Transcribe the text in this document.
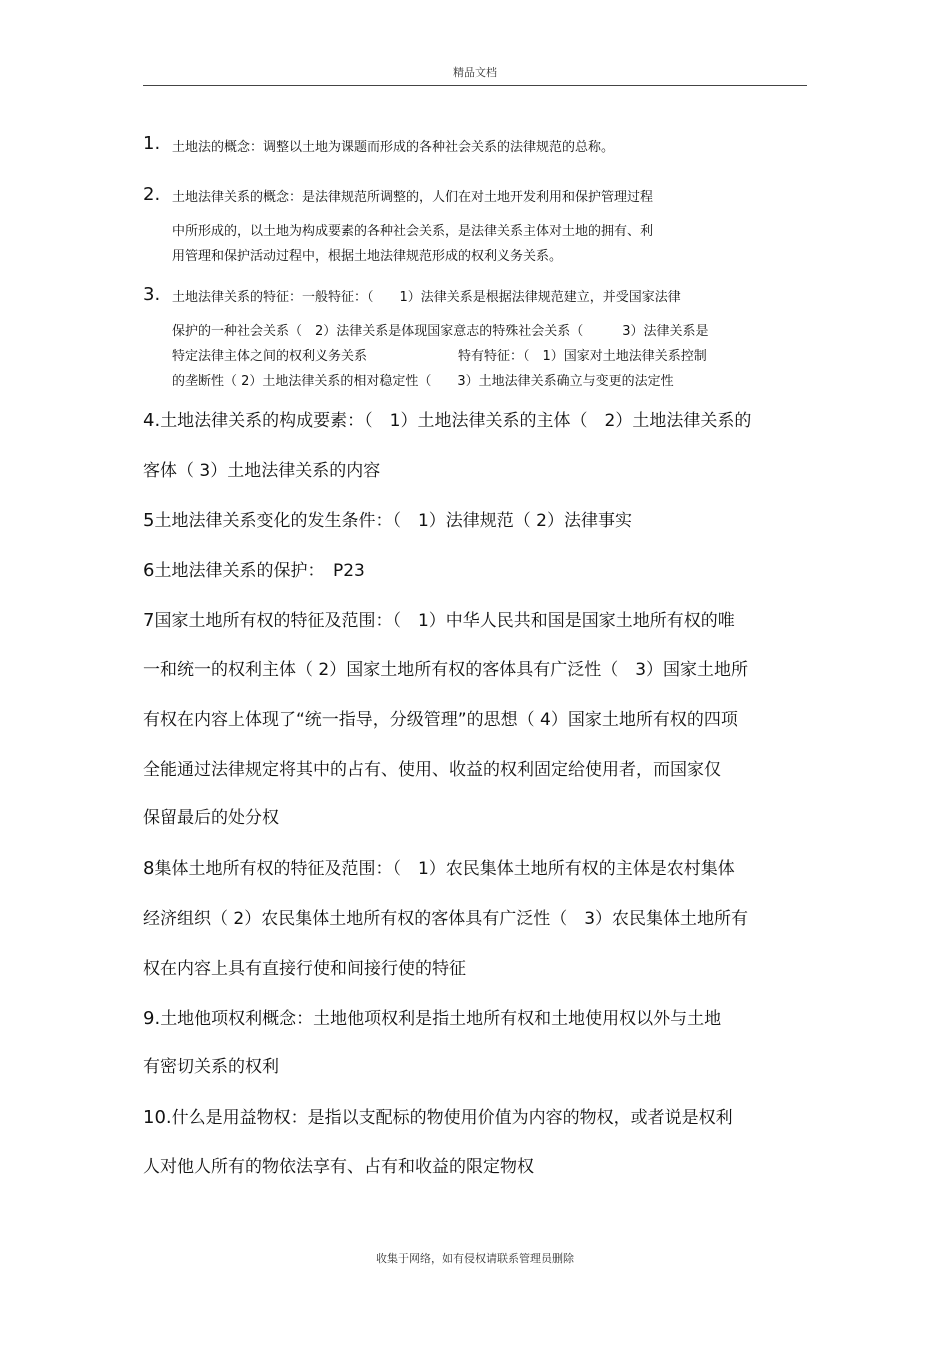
精品文档
1. 土地法的概念：调整以土地为课题而形成的各种社会关系的法律规范的总称。
2. 土地法律关系的概念：是法律规范所调整的，人们在对土地开发利用和保护管理过程
中所形成的，以土地为构成要素的各种社会关系，是法律关系主体对土地的拥有、利
用管理和保护活动过程中，根据土地法律规范形成的权利义务关系。
3. 土地法律关系的特征：一般特征：（　　1）法律关系是根据法律规范建立，并受国家法律
保护的一种社会关系（　2）法律关系是体现国家意志的特殊社会关系（　　　3）法律关系是
特定法律主体之间的权利义务关系　　　　　　　特有特征：（　1）国家对土地法律关系控制
的垄断性（ 2）土地法律关系的相对稳定性（　　3）土地法律关系确立与变更的法定性
4.土地法律关系的构成要素：（　1）土地法律关系的主体（　2）土地法律关系的
客体（ 3）土地法律关系的内容
5土地法律关系变化的发生条件：（　1）法律规范（ 2）法律事实
6土地法律关系的保护：　P23
7国家土地所有权的特征及范围：（　1）中华人民共和国是国家土地所有权的唯
一和统一的权利主体（ 2）国家土地所有权的客体具有广泛性（　3）国家土地所
有权在内容上体现了“统一指导，分级管理”的思想（ 4）国家土地所有权的四项
全能通过法律规定将其中的占有、使用、收益的权利固定给使用者，而国家仅
保留最后的处分权
8集体土地所有权的特征及范围：（　1）农民集体土地所有权的主体是农村集体
经济组织（ 2）农民集体土地所有权的客体具有广泛性（　3）农民集体土地所有
权在内容上具有直接行使和间接行使的特征
9.土地他项权利概念：土地他项权利是指土地所有权和土地使用权以外与土地
有密切关系的权利
10.什么是用益物权：是指以支配标的物使用价值为内容的物权，或者说是权利
人对他人所有的物依法享有、占有和收益的限定物权
收集于网络，如有侵权请联系管理员删除
